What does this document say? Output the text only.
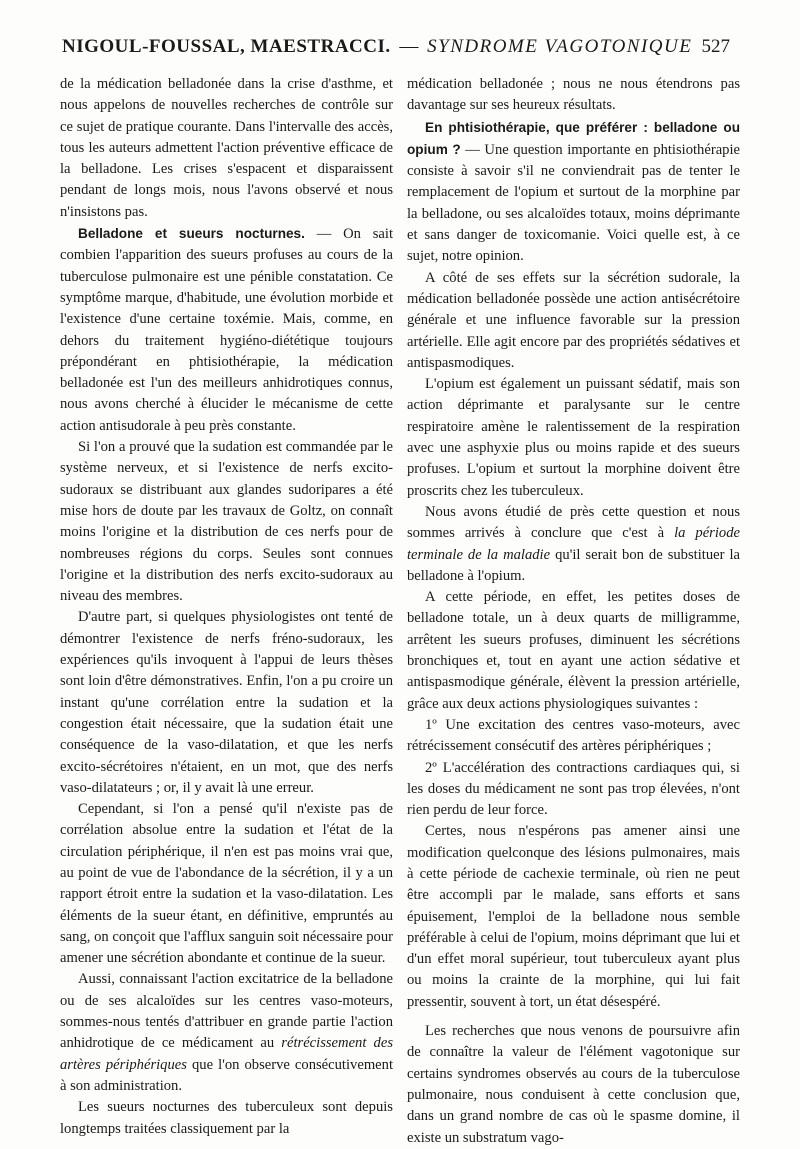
NIGOUL-FOUSSAL, MAESTRACCI. — SYNDROME VAGOTONIQUE 527

de la médication belladonée dans la crise d'asthme, et nous appelons de nouvelles recherches de contrôle sur ce sujet de pratique courante. Dans l'intervalle des accès, tous les auteurs admettent l'action préventive efficace de la belladone. Les crises s'espacent et disparaissent pendant de longs mois, nous l'avons observé et nous n'insistons pas.

Belladone et sueurs nocturnes. — On sait combien l'apparition des sueurs profuses au cours de la tuberculose pulmonaire est une pénible constatation. Ce symptôme marque, d'habitude, une évolution morbide et l'existence d'une certaine toxémie. Mais, comme, en dehors du traitement hygiéno-diététique toujours prépondérant en phtisiothérapie, la médication belladonée est l'un des meilleurs anhidrotiques connus, nous avons cherché à élucider le mécanisme de cette action antisudorale à peu près constante.

Si l'on a prouvé que la sudation est commandée par le système nerveux, et si l'existence de nerfs excito-sudoraux se distribuant aux glandes sudoripares a été mise hors de doute par les travaux de Goltz, on connaît moins l'origine et la distribution de ces nerfs pour de nombreuses régions du corps. Seules sont connues l'origine et la distribution des nerfs excito-sudoraux au niveau des membres.

D'autre part, si quelques physiologistes ont tenté de démontrer l'existence de nerfs fréno-sudoraux, les expériences qu'ils invoquent à l'appui de leurs thèses sont loin d'être démonstratives. Enfin, l'on a pu croire un instant qu'une corrélation entre la sudation et la congestion était nécessaire, que la sudation était une conséquence de la vaso-dilatation, et que les nerfs excito-sécrétoires n'étaient, en un mot, que des nerfs vaso-dilatateurs ; or, il y avait là une erreur.

Cependant, si l'on a pensé qu'il n'existe pas de corrélation absolue entre la sudation et l'état de la circulation périphérique, il n'en est pas moins vrai que, au point de vue de l'abondance de la sécrétion, il y a un rapport étroit entre la sudation et la vaso-dilatation. Les éléments de la sueur étant, en définitive, empruntés au sang, on conçoit que l'afflux sanguin soit nécessaire pour amener une sécrétion abondante et continue de la sueur.

Aussi, connaissant l'action excitatrice de la belladone ou de ses alcaloïdes sur les centres vaso-moteurs, sommes-nous tentés d'attribuer en grande partie l'action anhidrotique de ce médicament au rétrécissement des artères périphériques que l'on observe consécutivement à son administration.

Les sueurs nocturnes des tuberculeux sont depuis longtemps traitées classiquement par la

médication belladonée ; nous ne nous étendrons pas davantage sur ses heureux résultats.

En phtisiothérapie, que préférer : belladone ou opium ? — Une question importante en phtisiothérapie consiste à savoir s'il ne conviendrait pas de tenter le remplacement de l'opium et surtout de la morphine par la belladone, ou ses alcaloïdes totaux, moins déprimante et sans danger de toxicomanie. Voici quelle est, à ce sujet, notre opinion.

A côté de ses effets sur la sécrétion sudorale, la médication belladonée possède une action antisécrétoire générale et une influence favorable sur la pression artérielle. Elle agit encore par des propriétés sédatives et antispasmodiques.

L'opium est également un puissant sédatif, mais son action déprimante et paralysante sur le centre respiratoire amène le ralentissement de la respiration avec une asphyxie plus ou moins rapide et des sueurs profuses. L'opium et surtout la morphine doivent être proscrits chez les tuberculeux.

Nous avons étudié de près cette question et nous sommes arrivés à conclure que c'est à la période terminale de la maladie qu'il serait bon de substituer la belladone à l'opium.

A cette période, en effet, les petites doses de belladone totale, un à deux quarts de milligramme, arrêtent les sueurs profuses, diminuent les sécrétions bronchiques et, tout en ayant une action sédative et antispasmodique générale, élèvent la pression artérielle, grâce aux deux actions physiologiques suivantes :

1º Une excitation des centres vaso-moteurs, avec rétrécissement consécutif des artères périphériques ;

2º L'accélération des contractions cardiaques qui, si les doses du médicament ne sont pas trop élevées, n'ont rien perdu de leur force.

Certes, nous n'espérons pas amener ainsi une modification quelconque des lésions pulmonaires, mais à cette période de cachexie terminale, où rien ne peut être accompli par le malade, sans efforts et sans épuisement, l'emploi de la belladone nous semble préférable à celui de l'opium, moins déprimant que lui et d'un effet moral supérieur, tout tuberculeux ayant plus ou moins la crainte de la morphine, qui lui fait pressentir, souvent à tort, un état désespéré.

Les recherches que nous venons de poursuivre afin de connaître la valeur de l'élément vagotonique sur certains syndromes observés au cours de la tuberculose pulmonaire, nous conduisent à cette conclusion que, dans un grand nombre de cas où le spasme domine, il existe un substratum vago-
